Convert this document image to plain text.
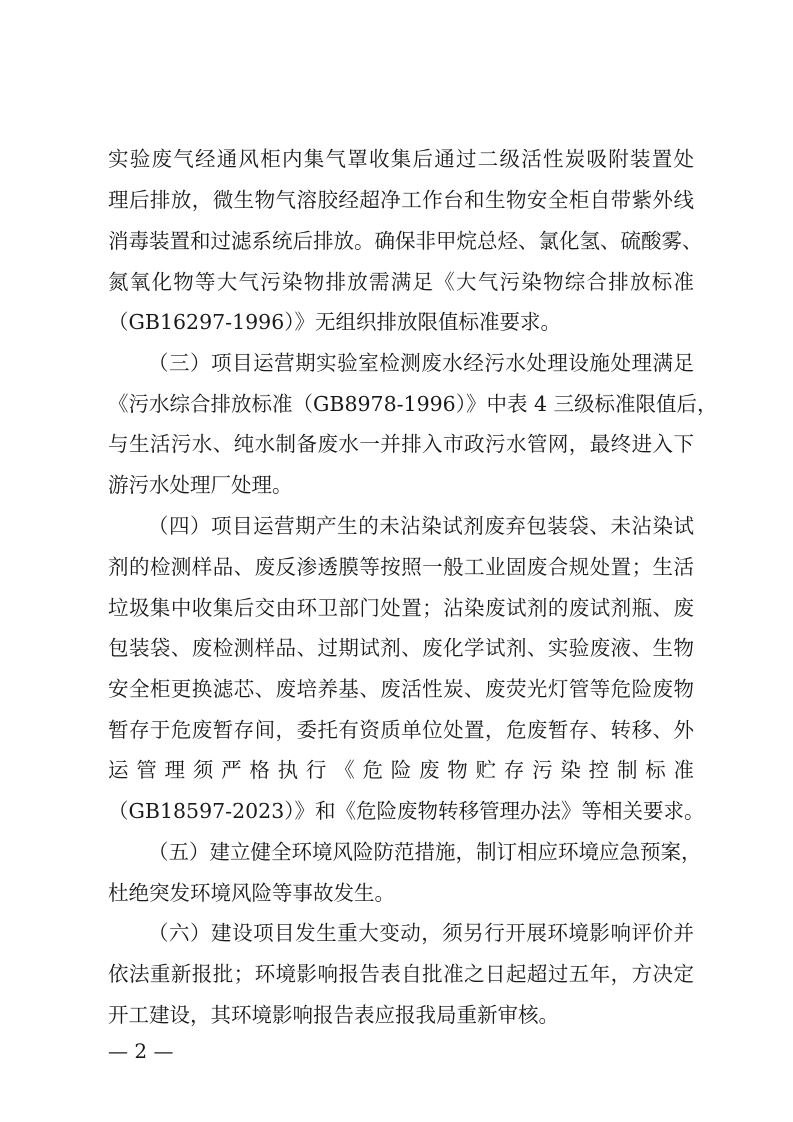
实验废气经通风柜内集气罩收集后通过二级活性炭吸附装置处
理后排放，微生物气溶胶经超净工作台和生物安全柜自带紫外线
消毒装置和过滤系统后排放。确保非甲烷总烃、氯化氢、硫酸雾、
氮氧化物等大气污染物排放需满足《大气污染物综合排放标准
（GB16297-1996）》无组织排放限值标准要求。
（三）项目运营期实验室检测废水经污水处理设施处理满足
《污水综合排放标准（GB8978-1996）》中表 4 三级标准限值后，
与生活污水、纯水制备废水一并排入市政污水管网，最终进入下
游污水处理厂处理。
（四）项目运营期产生的未沾染试剂废弃包装袋、未沾染试
剂的检测样品、废反渗透膜等按照一般工业固废合规处置；生活
垃圾集中收集后交由环卫部门处置；沾染废试剂的废试剂瓶、废
包装袋、废检测样品、过期试剂、废化学试剂、实验废液、生物
安全柜更换滤芯、废培养基、废活性炭、废荧光灯管等危险废物
暂存于危废暂存间，委托有资质单位处置，危废暂存、转移、外
运管理须严格执行《危险废物贮存污染控制标准
（GB18597-2023）》和《危险废物转移管理办法》等相关要求。
（五）建立健全环境风险防范措施，制订相应环境应急预案，
杜绝突发环境风险等事故发生。
（六）建设项目发生重大变动，须另行开展环境影响评价并
依法重新报批；环境影响报告表自批准之日起超过五年，方决定
开工建设，其环境影响报告表应报我局重新审核。
— 2 —
